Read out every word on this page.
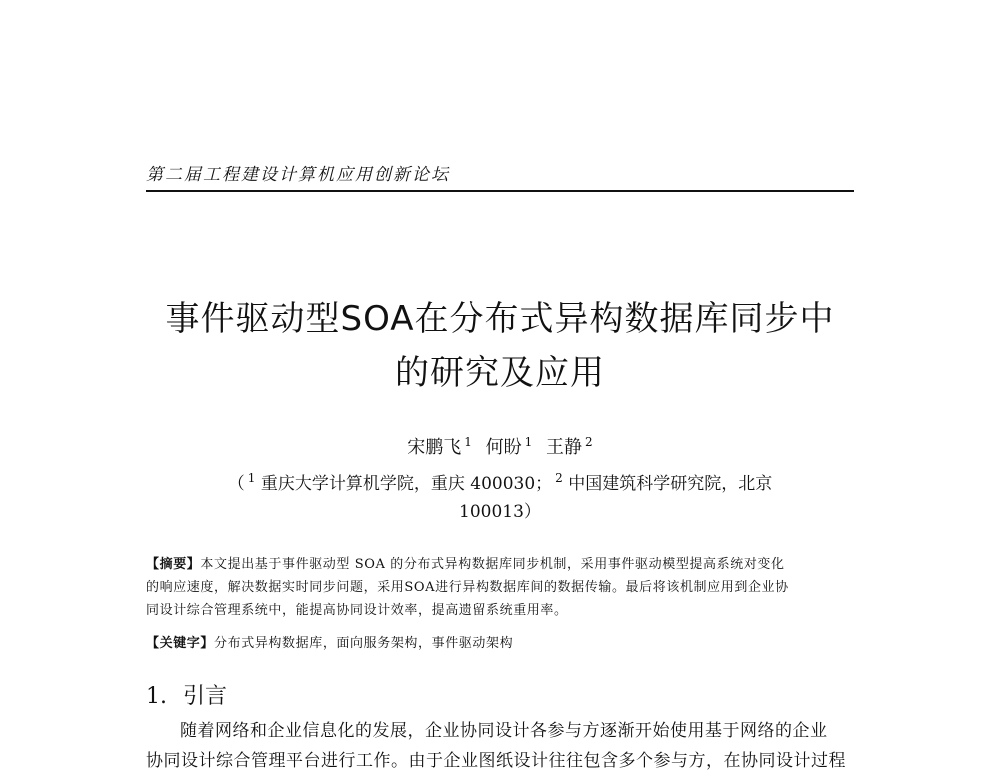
第二届工程建设计算机应用创新论坛
事件驱动型SOA在分布式异构数据库同步中
的研究及应用
宋鹏飞 $^1$ 何盼 $^1$ 王静 $^2$
（ $^1$ 重庆大学计算机学院，重庆 400030； $^2$ 中国建筑科学研究院，北京
100013）
【摘要】本文提出基于事件驱动型 SOA 的分布式异构数据库同步机制，采用事件驱动模型提高系统对变化
的响应速度，解决数据实时同步问题，采用SOA进行异构数据库间的数据传输。最后将该机制应用到企业协
同设计综合管理系统中，能提高协同设计效率，提高遗留系统重用率。
【关键字】分布式异构数据库，面向服务架构，事件驱动架构
1. 引言
随着网络和企业信息化的发展，企业协同设计各参与方逐渐开始使用基于网络的企业
协同设计综合管理平台进行工作。由于企业图纸设计往往包含多个参与方，在协同设计过程
